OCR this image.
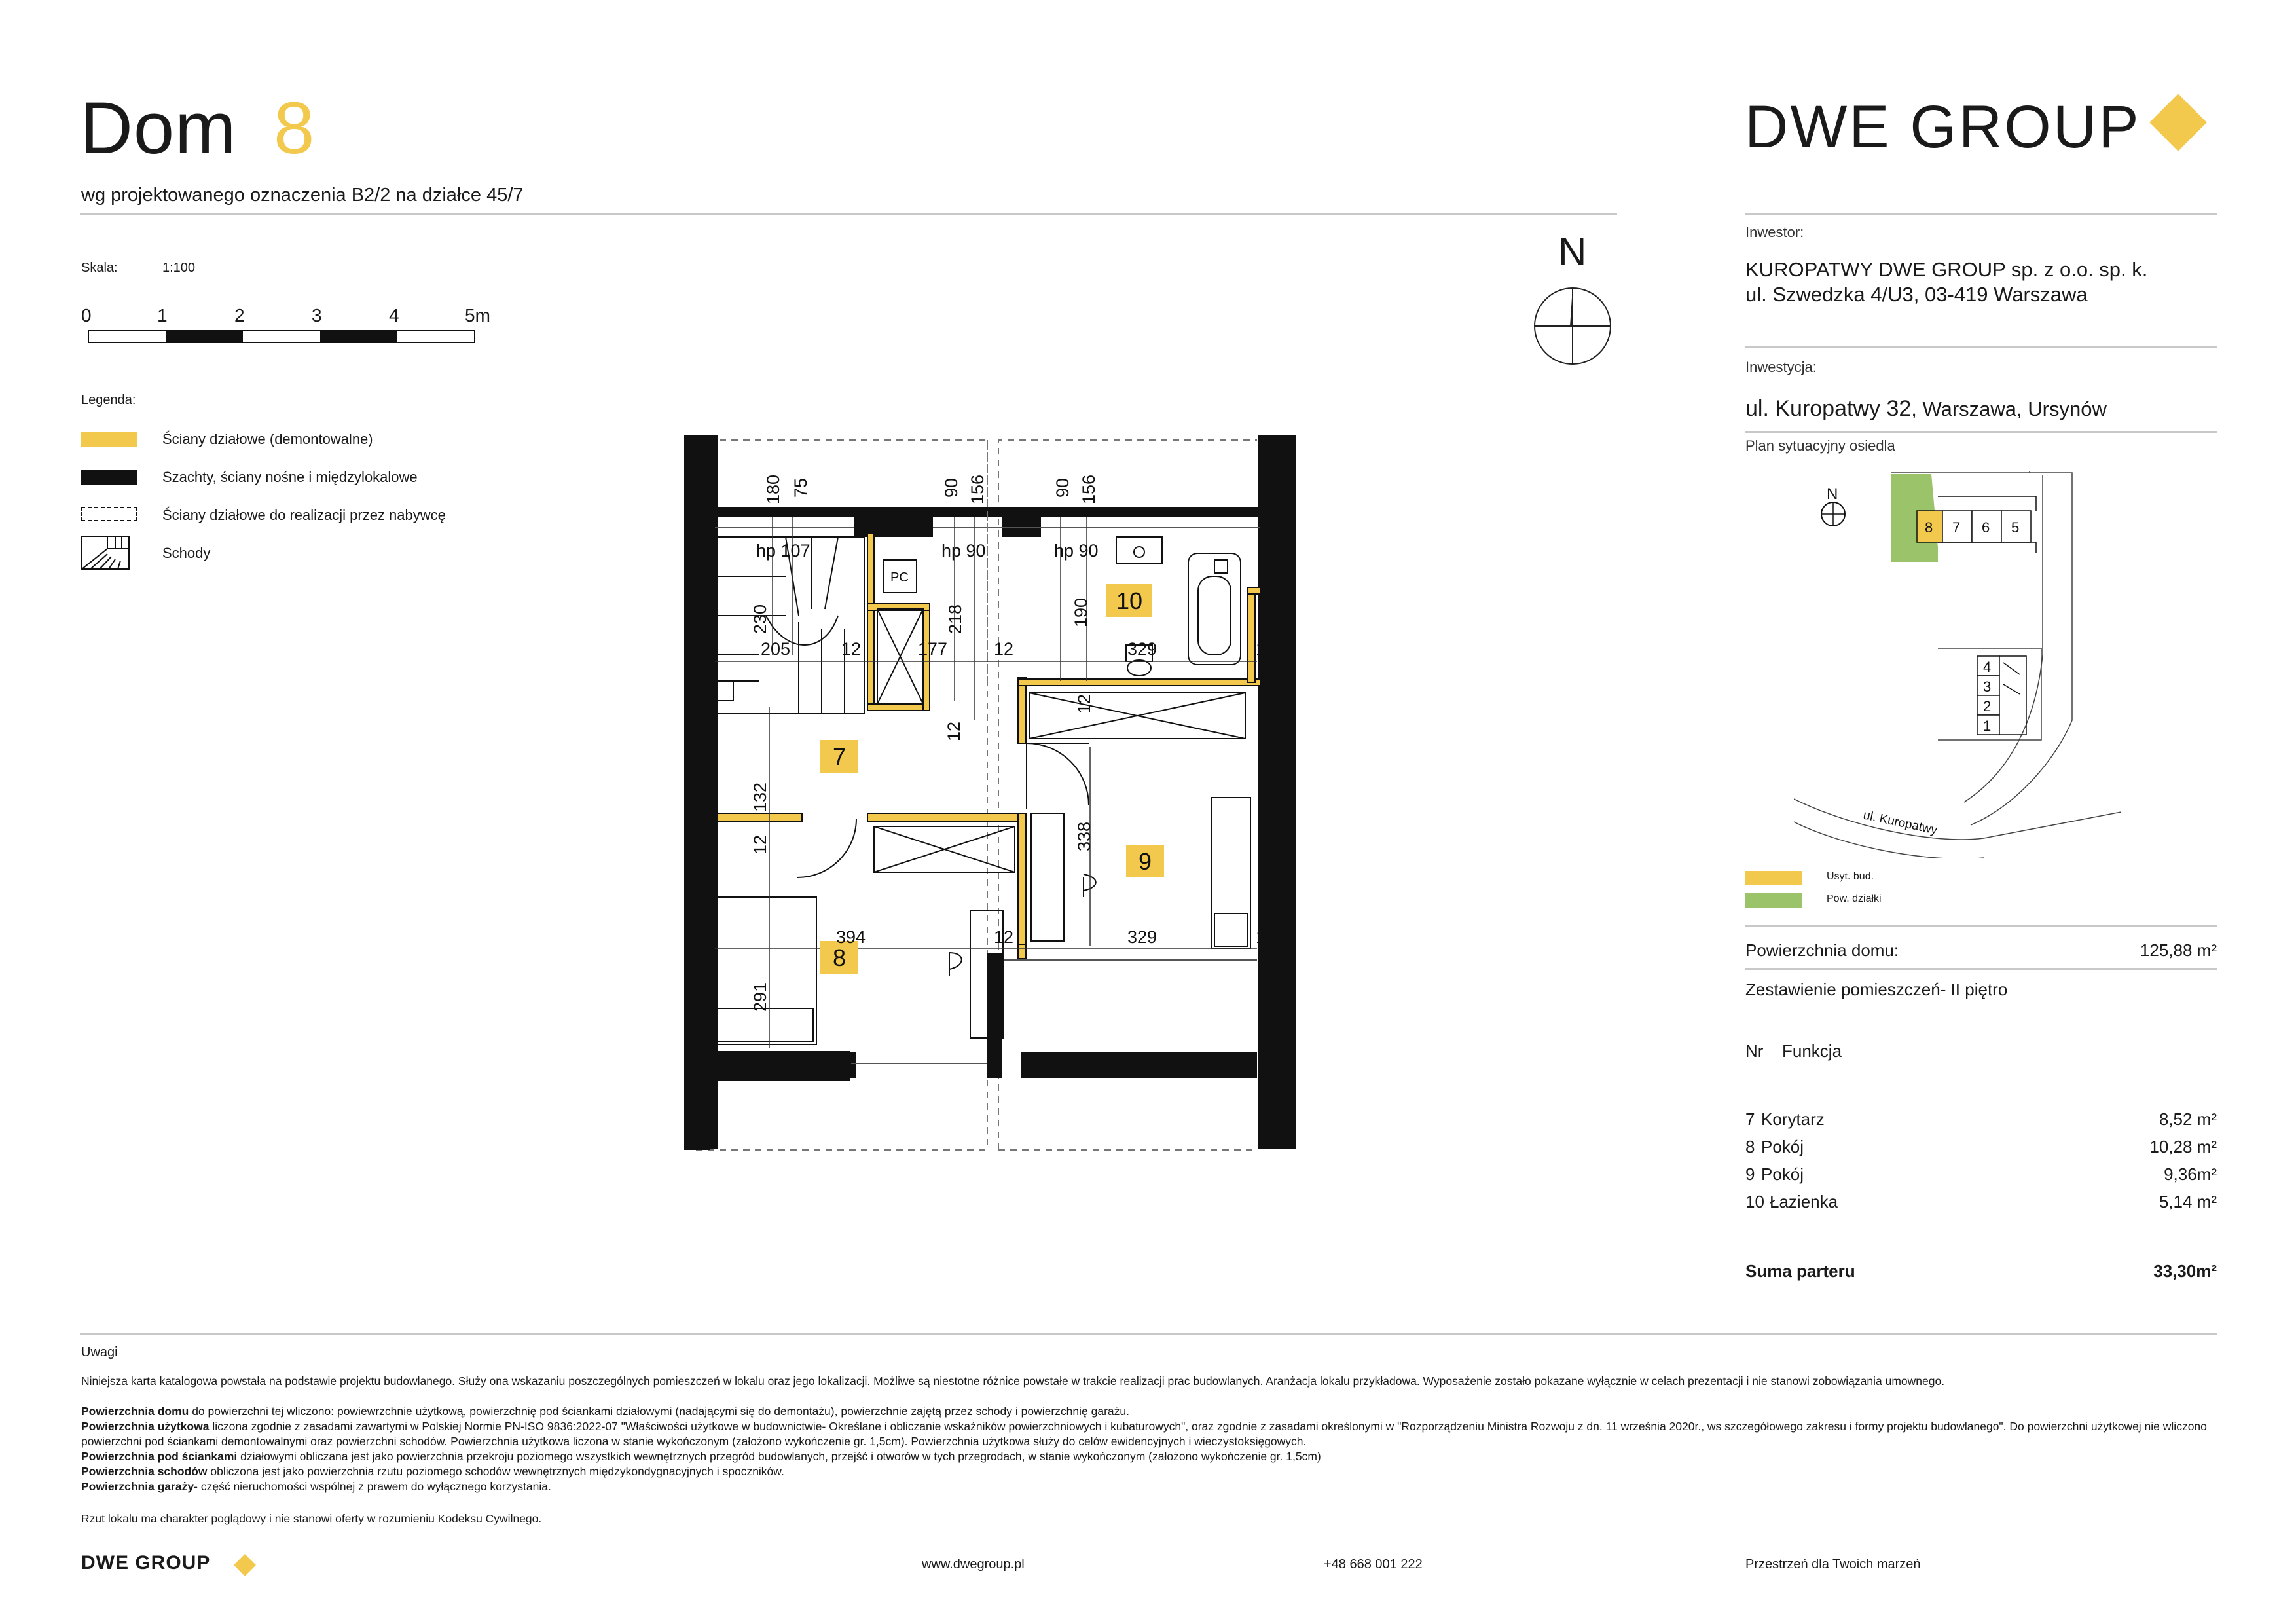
Dom 8
wg projektowanego oznaczenia B2/2 na działce 45/7
Skala:	1:100
0	1	2	3	4	5m
Legenda:
Ściany działowe (demontowalne)
Szachty, ściany nośne i międzylokalowe
Ściany działowe do realizacji przez nabywcę
Schody
N
PC
7
8
9
10
hp 107	hp 90	hp 90
180 75	90 156	90 156
230
205	12	177
218
12
190
329	18
12
12
132
12	338
394	12	329	18
291
DWE GROUP
Inwestor:
KUROPATWY DWE GROUP sp. z o.o. sp. k.
ul. Szwedzka 4/U3, 03-419 Warszawa
Inwestycja:
ul. Kuropatwy 32, Warszawa, Ursynów
Plan sytuacyjny osiedla
N
8 7 6 5
4
3
2
1
ul. Kuropatwy
Usyt. bud.
Pow. działki
Powierzchnia domu:	125,88 m²
Zestawienie pomieszczeń- II piętro
Nr Funkcja
7 Korytarz	8,52 m²
8 Pokój	10,28 m²
9 Pokój	9,36m²
10 Łazienka	5,14 m²
Suma parteru	33,30m²
Uwagi
Niniejsza karta katalogowa powstała na podstawie projektu budowlanego. Służy ona wskazaniu poszczególnych pomieszczeń w lokalu oraz jego lokalizacji. Możliwe są niestotne różnice powstałe w trakcie realizacji prac budowlanych. Aranżacja lokalu przykładowa. Wyposażenie zostało pokazane wyłącznie w celach prezentacji i nie stanowi zobowiązania umownego.
Powierzchnia domu do powierzchni tej wliczono: powiewrzchnie użytkową, powierzchnię pod ściankami działowymi (nadającymi się do demontażu), powierzchnie zajętą przez schody i powierzchnię garażu.
Powierzchnia użytkowa liczona zgodnie z zasadami zawartymi w Polskiej Normie PN-ISO 9836:2022-07 "Właściwości użytkowe w budownictwie- Określane i obliczanie wskaźników powierzchniowych i kubaturowych", oraz zgodnie z zasadami określonymi w "Rozporządzeniu Ministra Rozwoju z dn. 11 września 2020r., ws szczegółowego zakresu i formy projektu budowlanego". Do powierzchni użytkowej nie wliczono powierzchni pod ściankami demontowalnymi oraz powierzchni schodów. Powierzchnia użytkowa liczona w stanie wykończonym (założono wykończenie gr. 1,5cm). Powierzchnia użytkowa służy do celów ewidencyjnych i wieczystoksięgowych.
Powierzchnia pod ściankami działowymi obliczana jest jako powierzchnia przekroju poziomego wszystkich wewnętrznych przegród budowlanych, przejść i otworów w tych przegrodach, w stanie wykończonym (założono wykończenie gr. 1,5cm)
Powierzchnia schodów obliczona jest jako powierzchnia rzutu poziomego schodów wewnętrznych międzykondygnacyjnych i spoczników.
Powierzchnia garaży- część nieruchomości wspólnej z prawem do wyłącznego korzystania.
Rzut lokalu ma charakter poglądowy i nie stanowi oferty w rozumieniu Kodeksu Cywilnego.
DWE GROUP	www.dwegroup.pl	+48 668 001 222	Przestrzeń dla Twoich marzeń
